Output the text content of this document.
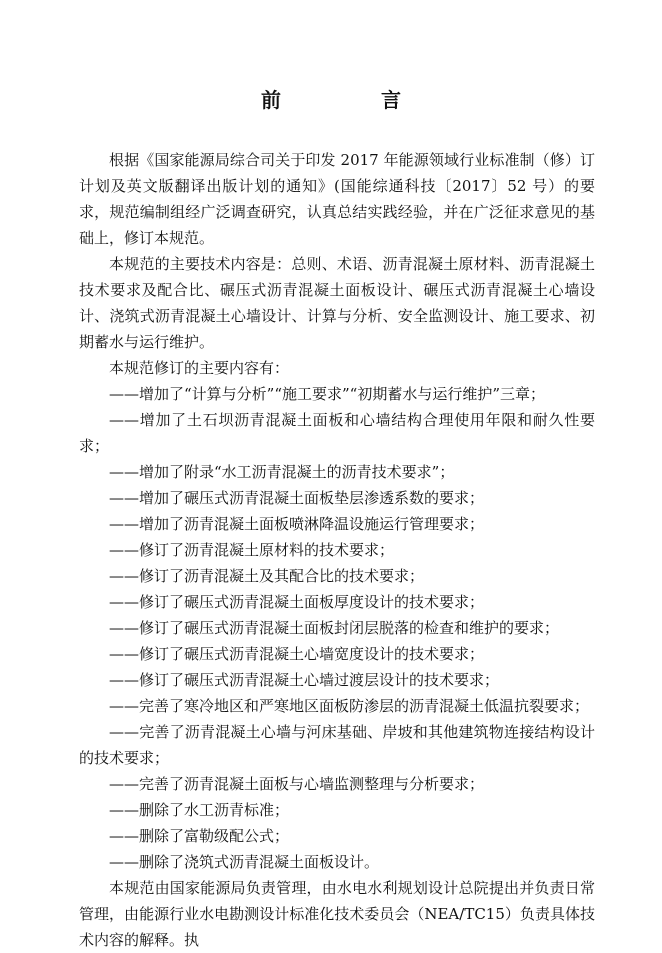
前　言

根据《国家能源局综合司关于印发 2017 年能源领域行业标准制（修）订计划及英文版翻译出版计划的通知》(国能综通科技〔2017〕52 号）的要求，规范编制组经广泛调查研究，认真总结实践经验，并在广泛征求意见的基础上，修订本规范。

本规范的主要技术内容是：总则、术语、沥青混凝土原材料、沥青混凝土技术要求及配合比、碾压式沥青混凝土面板设计、碾压式沥青混凝土心墙设计、浇筑式沥青混凝土心墙设计、计算与分析、安全监测设计、施工要求、初期蓄水与运行维护。

本规范修订的主要内容有：

——增加了“计算与分析”“施工要求”“初期蓄水与运行维护”三章；
——增加了土石坝沥青混凝土面板和心墙结构合理使用年限和耐久性要求；
——增加了附录“水工沥青混凝土的沥青技术要求”；
——增加了碾压式沥青混凝土面板垫层渗透系数的要求；
——增加了沥青混凝土面板喷淋降温设施运行管理要求；
——修订了沥青混凝土原材料的技术要求；
——修订了沥青混凝土及其配合比的技术要求；
——修订了碾压式沥青混凝土面板厚度设计的技术要求；
——修订了碾压式沥青混凝土面板封闭层脱落的检查和维护的要求；
——修订了碾压式沥青混凝土心墙宽度设计的技术要求；
——修订了碾压式沥青混凝土心墙过渡层设计的技术要求；
——完善了寒冷地区和严寒地区面板防渗层的沥青混凝土低温抗裂要求；
——完善了沥青混凝土心墙与河床基础、岸坡和其他建筑物连接结构设计的技术要求；
——完善了沥青混凝土面板与心墙监测整理与分析要求；
——删除了水工沥青标准；
——删除了富勒级配公式；
——删除了浇筑式沥青混凝土面板设计。

本规范由国家能源局负责管理，由水电水利规划设计总院提出并负责日常管理，由能源行业水电勘测设计标准化技术委员会（NEA/TC15）负责具体技术内容的解释。执
